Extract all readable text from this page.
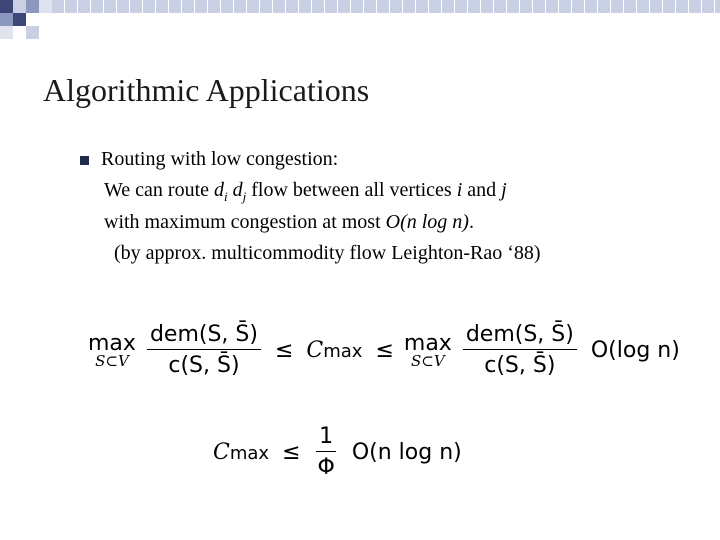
Algorithmic Applications
Routing with low congestion:
We can route $d_i$ $d_j$ flow between all vertices i and j
with maximum congestion at most O(n log n).
(by approx. multicommodity flow Leighton-Rao ‘88)
max
S⊂V
$\frac{\text{dem(S, S̄)}}{c(S, S̄)} \le Cmax \le \max$
S⊂V
$\frac{\text{dem(S, S̄)}}{c(S, S̄)} O(\log$ n)
$Cmax \le \frac{1}{\Phi} O(n$ log n)
